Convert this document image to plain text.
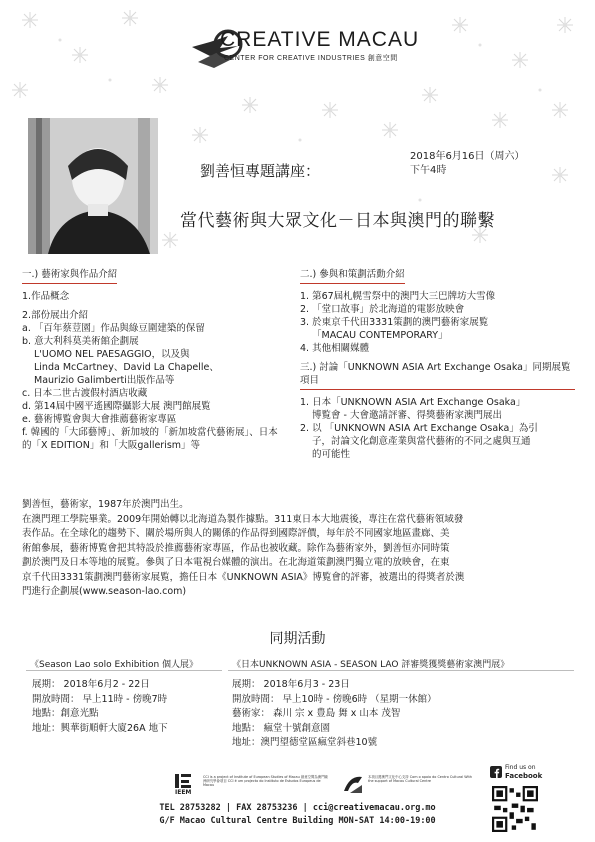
CREATIVE MACAU
CENTER FOR CREATIVE INDUSTRIES 創意空間
2018年6月16日（周六）
下午4時
劉善恒專題講座：
當代藝術與大眾文化－日本與澳門的聯繫
一.) 藝術家與作品介紹

1.作品概念

2.部份展出介紹

a. 「百年蔡荳園」作品與綠豆圍建築的保留

b. 意大利科莫美術館企劃展

L'UOMO NEL PAESAGGIO，以及與

Linda McCartney、David La Chapelle、

Maurizio Galimberti出版作品等

c. 日本二世古渡假村酒店收藏

d. 第14屆中國平遙國際攝影大展 澳門館展覧

e. 藝術博覧會與大會推薦藝術家專區

f. 韓國的「大邱藝博」、新加坡的「新加坡當代藝術展」、日本的「X EDITION」和「大阪gallerism」等

二.) 參與和策劃活動介紹

1. 第67屆札幌雪祭中的澳門大三巴牌坊大雪像

2. 「堂口故事」於北海道的電影放映會

3. 於東京千代田3331策劃的澳門藝術家展覧

「MACAU CONTEMPORARY」

4. 其他相關媒體

三.) 討論「UNKNOWN ASIA Art Exchange Osaka」同期展覧項目

1. 日本「UNKNOWN ASIA Art Exchange Osaka」

博覧會 - 大會邀請評審、得獎藝術家澳門展出

2. 以 「UNKNOWN ASIA Art Exchange Osaka」為引

子，討論文化創意產業與當代藝術的不同之處與互通

的可能性

劉善恒，藝術家，1987年於澳門出生。

在澳門理工學院畢業。2009年開始轉以北海道為製作據點。311東日本大地震後，專注在當代藝術領域發

表作品。在全球化的趨勢下、關於場所與人的關係的作品得到國際評價，每年於不同國家地區畫廊、美

術館參展，藝術博覧會把其特設於推薦藝術家專區，作品也被收藏。除作為藝術家外，劉善恒亦同時策

劃於澳門及日本等地的展覧。參與了日本電視台媒體的演出。在北海道策劃澳門獨立電的放映會，在東

京千代田3331策劃澳門藝術家展覧，擔任日本《UNKNOWN ASIA》博覧會的評審，被選出的得獎者於澳

門進行企劃展(www.season-lao.com)

同期活動
《Season Lao solo Exhibition 個人展》	《日本UNKNOWN ASIA - SEASON LAO 評審獎獲獎藝術家澳門展》

展期： 2018年6月2 - 22日

開放時間： 早上11時 - 傍晚7時

地點：創意光點

地址：興華街順軒大廈26A 地下

展期： 2018年6月3 - 23日

開放時間： 早上10時 - 傍晚6時 （星期一休館）

藝術家： 森川 宗 x 豊島 舞 x 山本 茂智

地點： 瘋堂十號創意園

地址：澳門望德堂區瘋堂斜巷10號

IEEM
CCI is a project of Institute of European Studies of Macau 創意空間為澳門歐洲研究學會項目 CCI é um projecto do Instituto de Estudos Europeus de Macau
本項目獲澳門文化中心支持 Com o apoio do Centro Cultural With the support of Macau Cultural Centre
Find us on
Facebook
TEL 28753282 | FAX 28753236 | cci@creativemacau.org.mo
G/F Macao Cultural Centre Building MON-SAT 14:00-19:00
